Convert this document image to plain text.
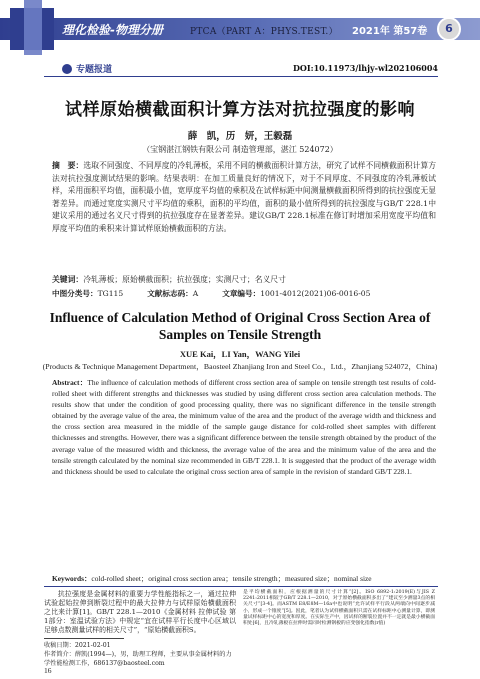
理化检验-物理分册	PTCA（PART A：PHYS.TEST.） 2021年 第57卷	6
专题报道	DOI:10.11973/lhjy-wl202106004
试样原始横截面积计算方法对抗拉强度的影响
薛　凯，历　妍，王毅磊
（宝钢湛江钢铁有限公司 制造管理部，湛江 524072）
摘　要：选取不同强度、不同厚度的冷轧薄板，采用不同的横截面积计算方法，研究了试样不同横截面积计算方法对抗拉强度测试结果的影响。结果表明：在加工质量良好的情况下，对于不同厚度、不同强度的冷轧薄板试样，采用面积平均值，面积最小值，宽厚度平均值的乘积及在试样标距中间测量横截面积所得到的抗拉强度无显著差异。而通过宽度实测尺寸平均值的乘积，面积的平均值，面积的最小值所得到的抗拉强度与GB/T 228.1中建议采用的通过名义尺寸得到的抗拉强度存在显著差异。建议GB/T 228.1标准在修订时增加采用宽度平均值和厚度平均值的乘积来计算试样原始横截面积的方法。
关键词：冷轧薄板；原始横截面积；抗拉强度；实测尺寸；名义尺寸
中图分类号：TG115	文献标志码：A	文章编号：1001-4012(2021)06-0016-05
Influence of Calculation Method of Original Cross Section Area of Samples on Tensile Strength
XUE Kai，LI Yan，WANG Yilei
(Products & Technique Management Department，Baosteel Zhanjiang Iron and Steel Co.，Ltd.，Zhanjiang 524072，China)
Abstract：The influence of calculation methods of different cross section area of sample on tensile strength test results of cold-rolled sheet with different strengths and thicknesses was studied by using different cross section area calculation methods. The results show that under the condition of good processing quality, there was no significant difference in the tensile strength obtained by the average value of the area, the minimum value of the area and the product of the average width and thickness and the cross section area measured in the middle of the sample gauge distance for cold-rolled sheet samples with different thicknesses and strengths. However, there was a significant difference between the tensile strength obtained by the product of the average value of the measured width and thickness, the average value of the area and the minimum value of the area and the tensile strength calculated by the nominal size recommended in GB/T 228.1. It is suggested that the product of the average width and thickness should be used to calculate the original cross section area of sample in the revision of standard GB/T 228.1.
Keywords：cold-rolled sheet；original cross section area；tensile strength；measured size；nominal size

抗拉强度是金属材料的重要力学性能指标之一，通过拉伸试验起始拉伸到断裂过程中的最大拉伸力与试样原始横截面积之比来计算[1]。GB/T 228.1—2010《金属材料 拉伸试验 第1部分：室温试验方法》中规定“宜在试样平行长度中心区域以足够点数测量试样的相关尺寸”，“原始横截面积S。

是平均横截面积，应根据测量的尺寸计算”[2]。ISO 6892-1:2019(E)与JIS Z 2241:2011相较于GB/T 228.1—2010，对于原始横截面积多出了“建议至少测量3点的相关尺寸”[3-4]。而ASTM E8/E8M—16a中也说明“允许试样平行段从两端向中间逐步减小，形成一个锥度”[5]。因此，笔者认为试样横截面积只需在试样标距中心测量计算，即测量试样标距中心的宽度和厚度。在实际生产中，因试样的断裂位置并不一定就是最小横截面积处[6]，且冷轧薄板在拉伸时需同时检测钢板的应变强化指数(r值)

收稿日期：2021-02-01
作者简介：薛凯(1994—)，男，助理工程师，主要从事金属材料的力学性能检测工作，686137@baosteel.com
16
